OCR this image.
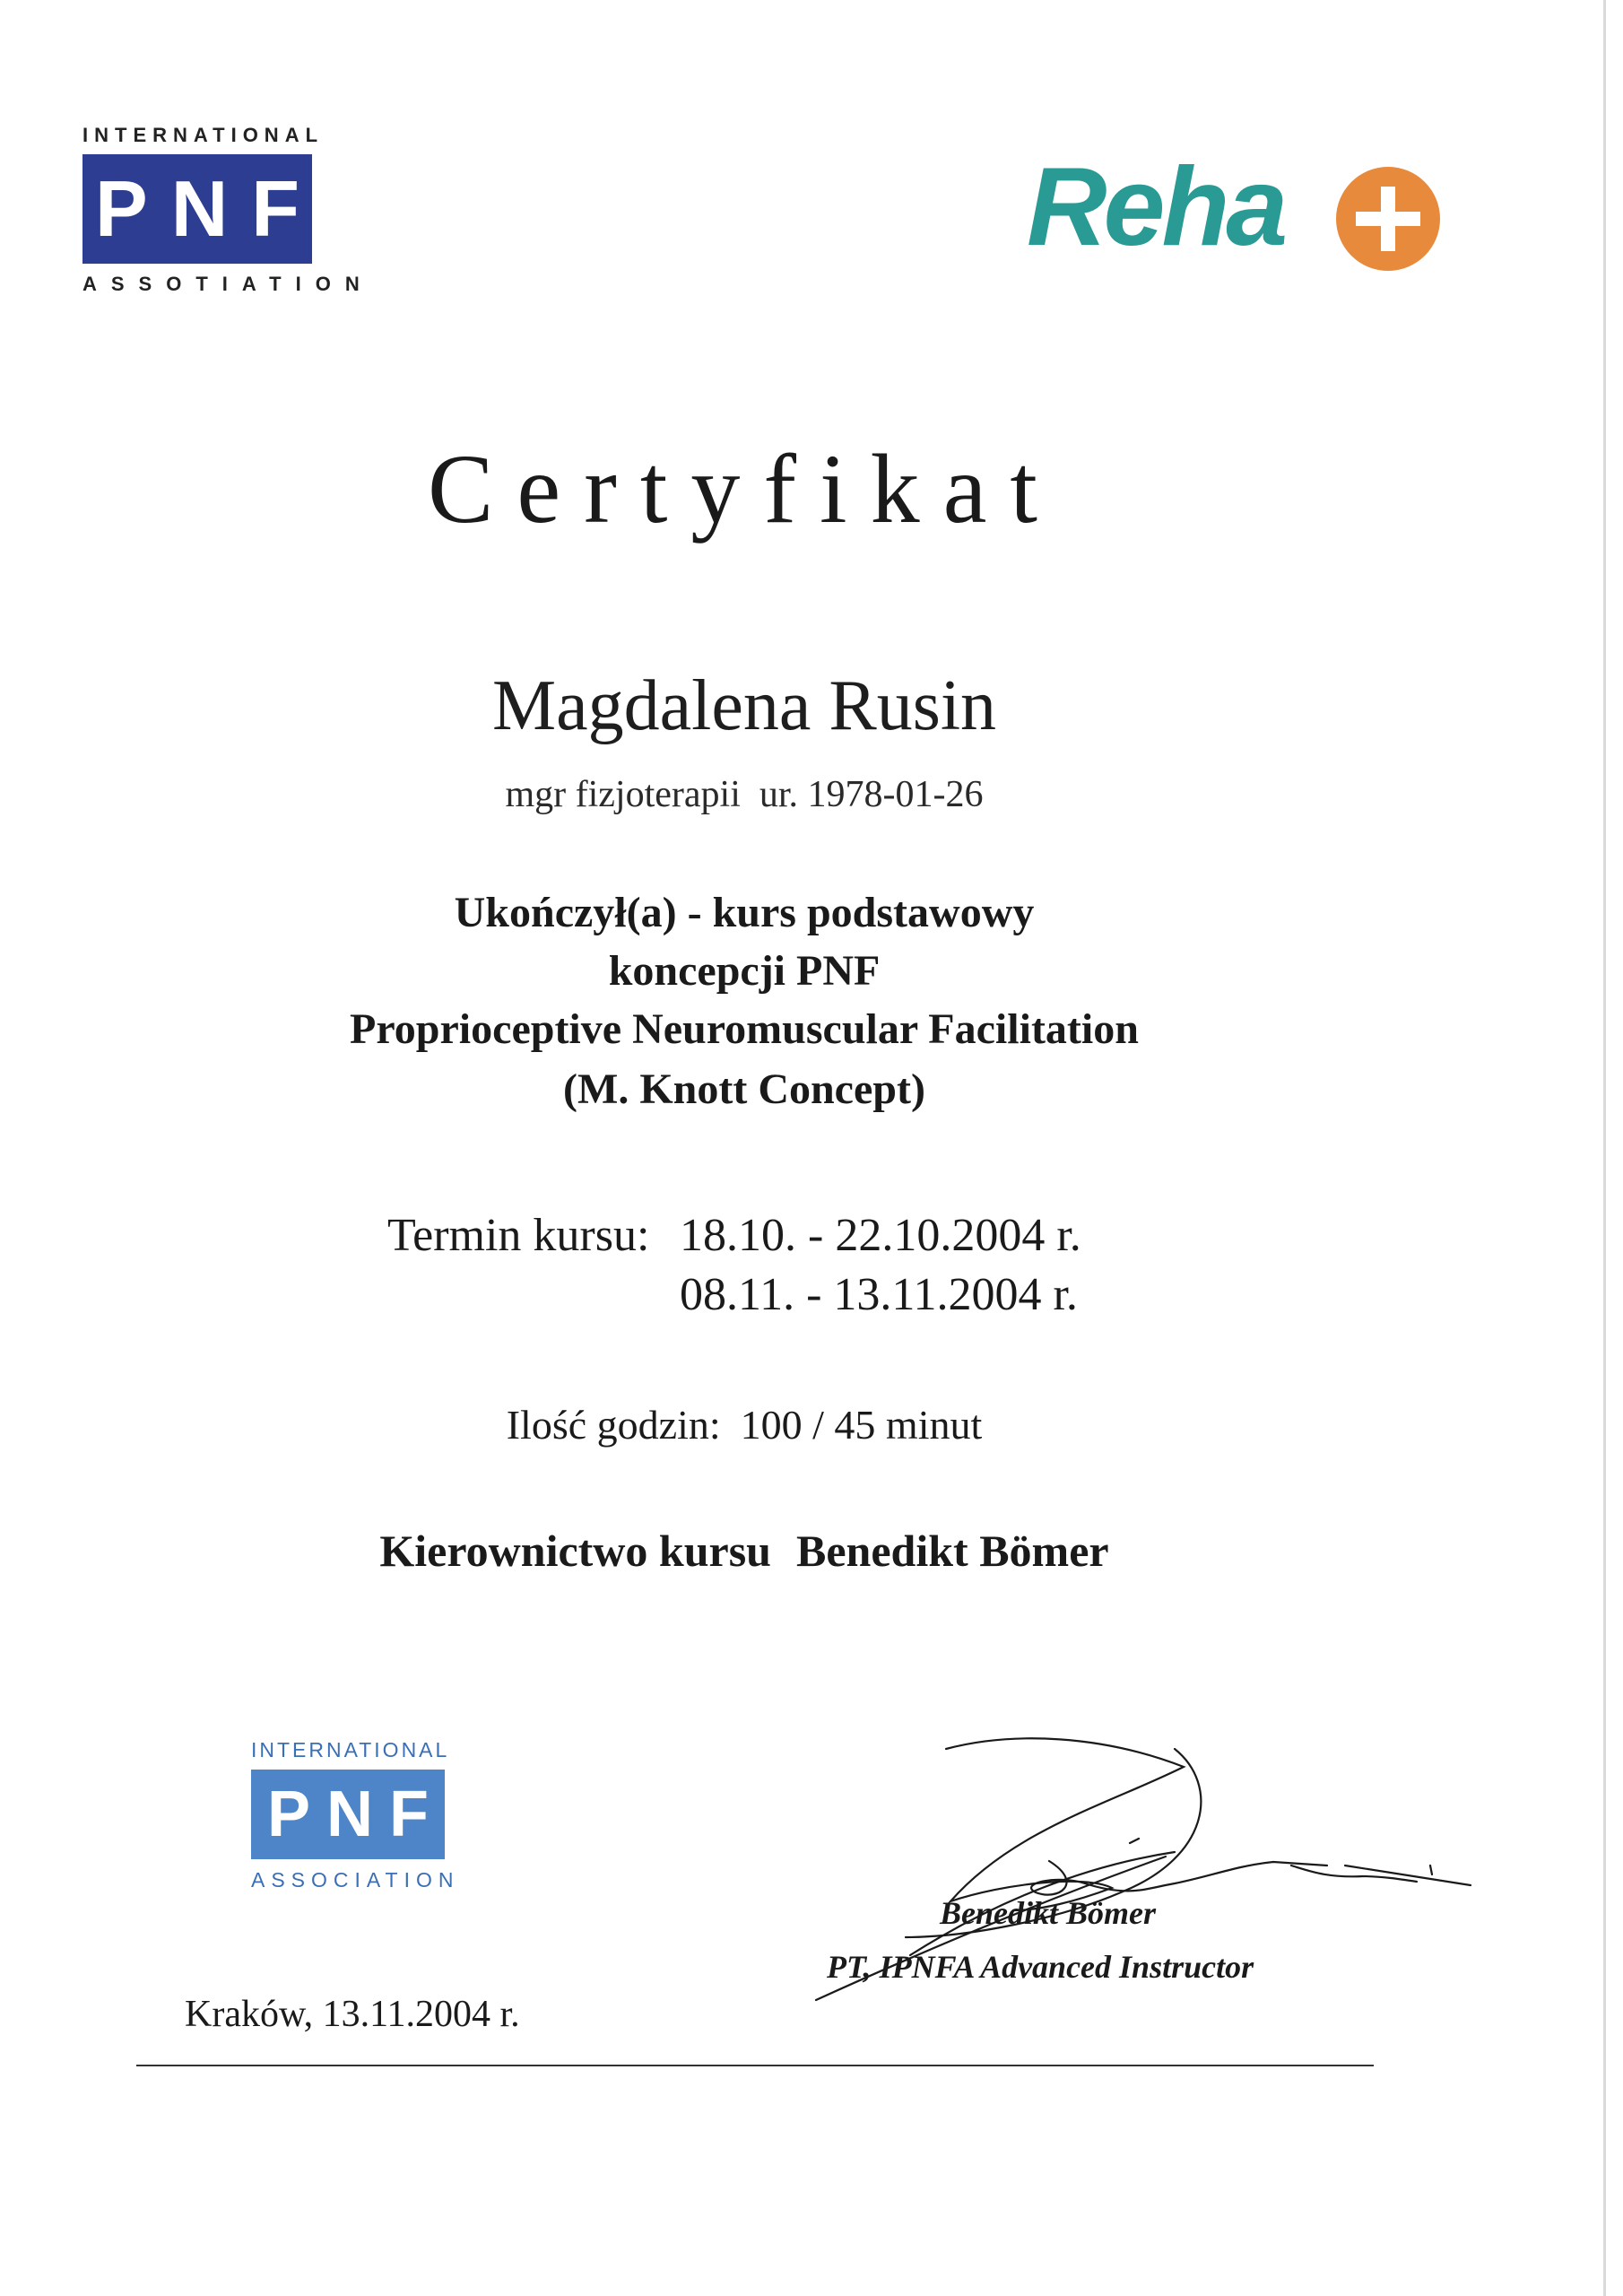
INTERNATIONAL
PNF
ASSOTIATION
Reha
Certyfikat
Magdalena Rusin
mgr fizjoterapii  ur. 1978-01-26
Ukończył(a) - kurs podstawowy
koncepcji PNF
Proprioceptive Neuromuscular Facilitation
(M. Knott Concept)
Termin kursu: 18.10. - 22.10.2004 r.
08.11. - 13.11.2004 r.
Ilość godzin: 100 / 45 minut
Kierownictwo kursu Benedikt Bömer
INTERNATIONAL
PNF
ASSOCIATION
Benedikt Bömer
PT, IPNFA Advanced Instructor
Kraków, 13.11.2004 r.
